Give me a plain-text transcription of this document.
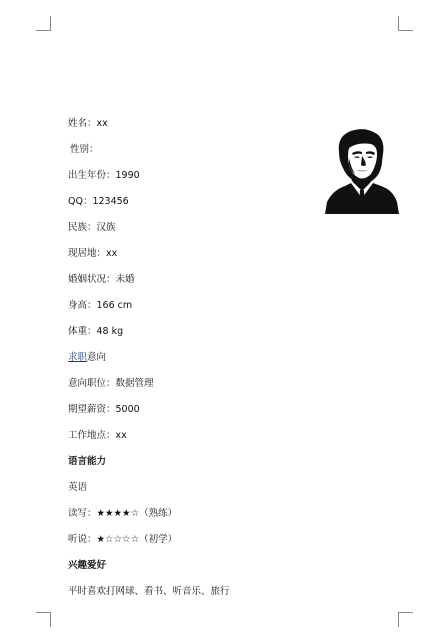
姓名：xx
性别：
出生年份：1990
QQ：123456
民族：汉族
现居地：xx
婚姻状况：未婚
身高：166 cm
体重：48 kg
求职意向
意向职位：数据管理
期望薪资：5000
工作地点：xx
语言能力
英语
读写：★★★★☆（熟练）
听说：★☆☆☆☆（初学）
兴趣爱好
平时喜欢打网球、看书、听音乐、旅行
